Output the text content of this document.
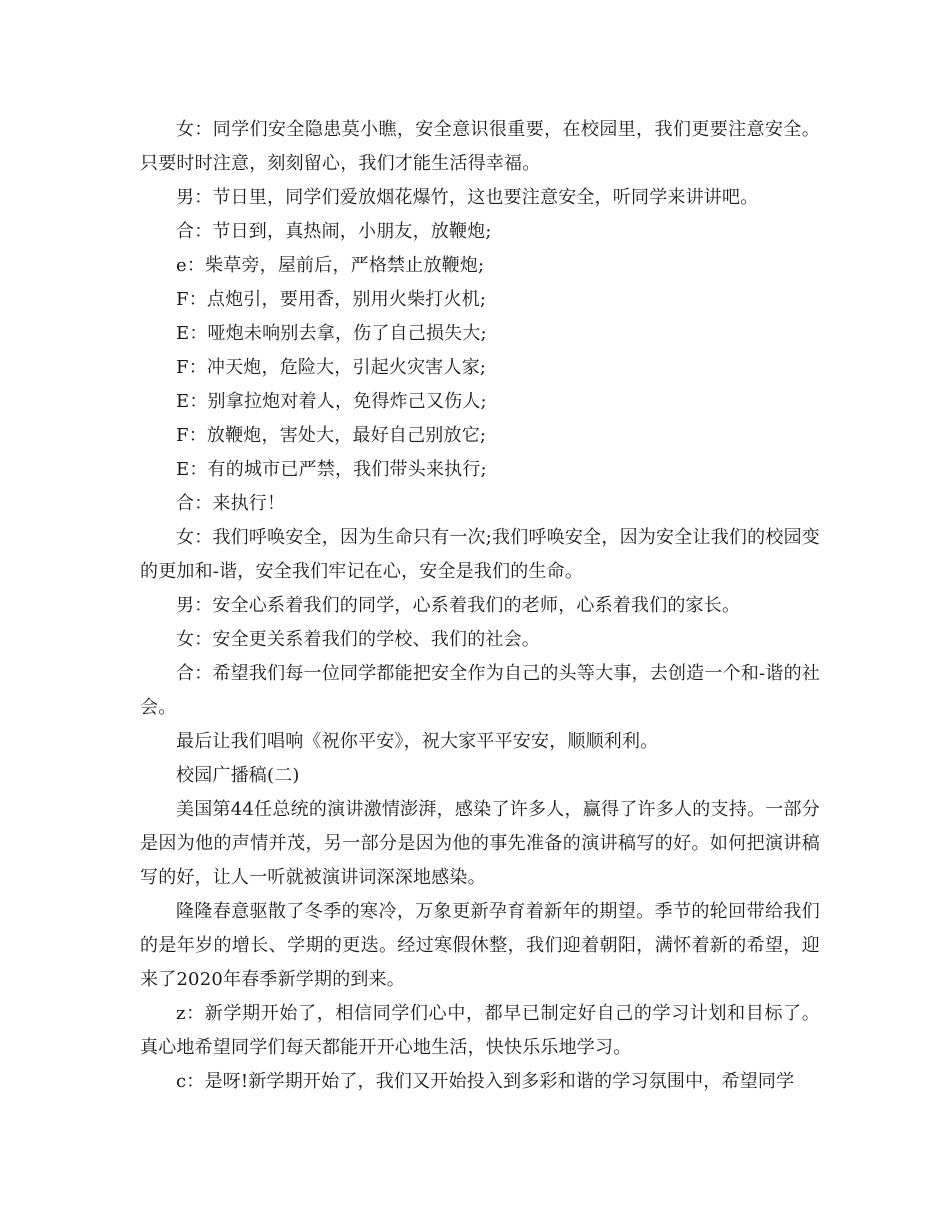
女：同学们安全隐患莫小瞧，安全意识很重要，在校园里，我们更要注意安全。只要时时注意，刻刻留心，我们才能生活得幸福。

男：节日里，同学们爱放烟花爆竹，这也要注意安全，听同学来讲讲吧。

合：节日到，真热闹，小朋友，放鞭炮;

e：柴草旁，屋前后，严格禁止放鞭炮;

F：点炮引，要用香，别用火柴打火机;

E：哑炮未响别去拿，伤了自己损失大;

F：冲天炮，危险大，引起火灾害人家;

E：别拿拉炮对着人，免得炸己又伤人;

F：放鞭炮，害处大，最好自己别放它;

E：有的城市已严禁，我们带头来执行;

合：来执行！

女：我们呼唤安全，因为生命只有一次;我们呼唤安全，因为安全让我们的校园变的更加和-谐，安全我们牢记在心，安全是我们的生命。

男：安全心系着我们的同学，心系着我们的老师，心系着我们的家长。

女：安全更关系着我们的学校、我们的社会。

合：希望我们每一位同学都能把安全作为自己的头等大事，去创造一个和-谐的社会。

最后让我们唱响《祝你平安》，祝大家平平安安，顺顺利利。

校园广播稿(二)

美国第44任总统的演讲激情澎湃，感染了许多人，赢得了许多人的支持。一部分是因为他的声情并茂，另一部分是因为他的事先准备的演讲稿写的好。如何把演讲稿写的好，让人一听就被演讲词深深地感染。

隆隆春意驱散了冬季的寒冷，万象更新孕育着新年的期望。季节的轮回带给我们的是年岁的增长、学期的更迭。经过寒假休整，我们迎着朝阳，满怀着新的希望，迎来了2020年春季新学期的到来。

z：新学期开始了，相信同学们心中，都早已制定好自己的学习计划和目标了。真心地希望同学们每天都能开开心地生活，快快乐乐地学习。

c：是呀!新学期开始了，我们又开始投入到多彩和谐的学习氛围中，希望同学
